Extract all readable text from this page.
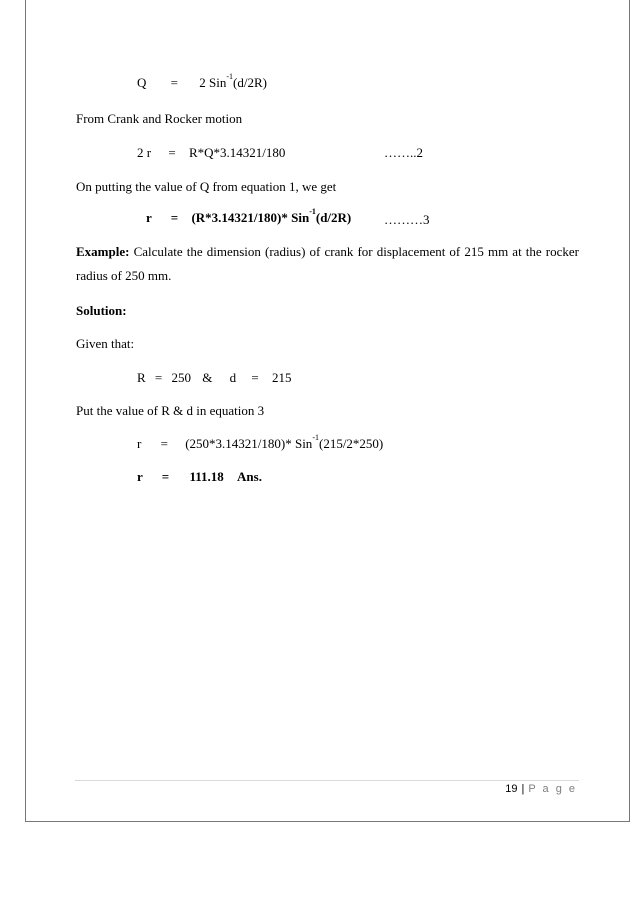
Q = 2 Sin$^{-1}$(d/2R)
From Crank and Rocker motion
2 r = R*Q*3.14321/180	……..2
On putting the value of Q from equation 1, we get
r = (R*3.14321/180)* Sin$^{-1}$(d/2R)	………3
Example: Calculate the dimension (radius) of crank for displacement of 215 mm at the rocker
radius of 250 mm.
Solution:
Given that:
R = 250 & d = 215
Put the value of R & d in equation 3
r = (250*3.14321/180)* Sin$^{-1}$(215/2*250)
r = 111.18 Ans.
19 | P a g e
